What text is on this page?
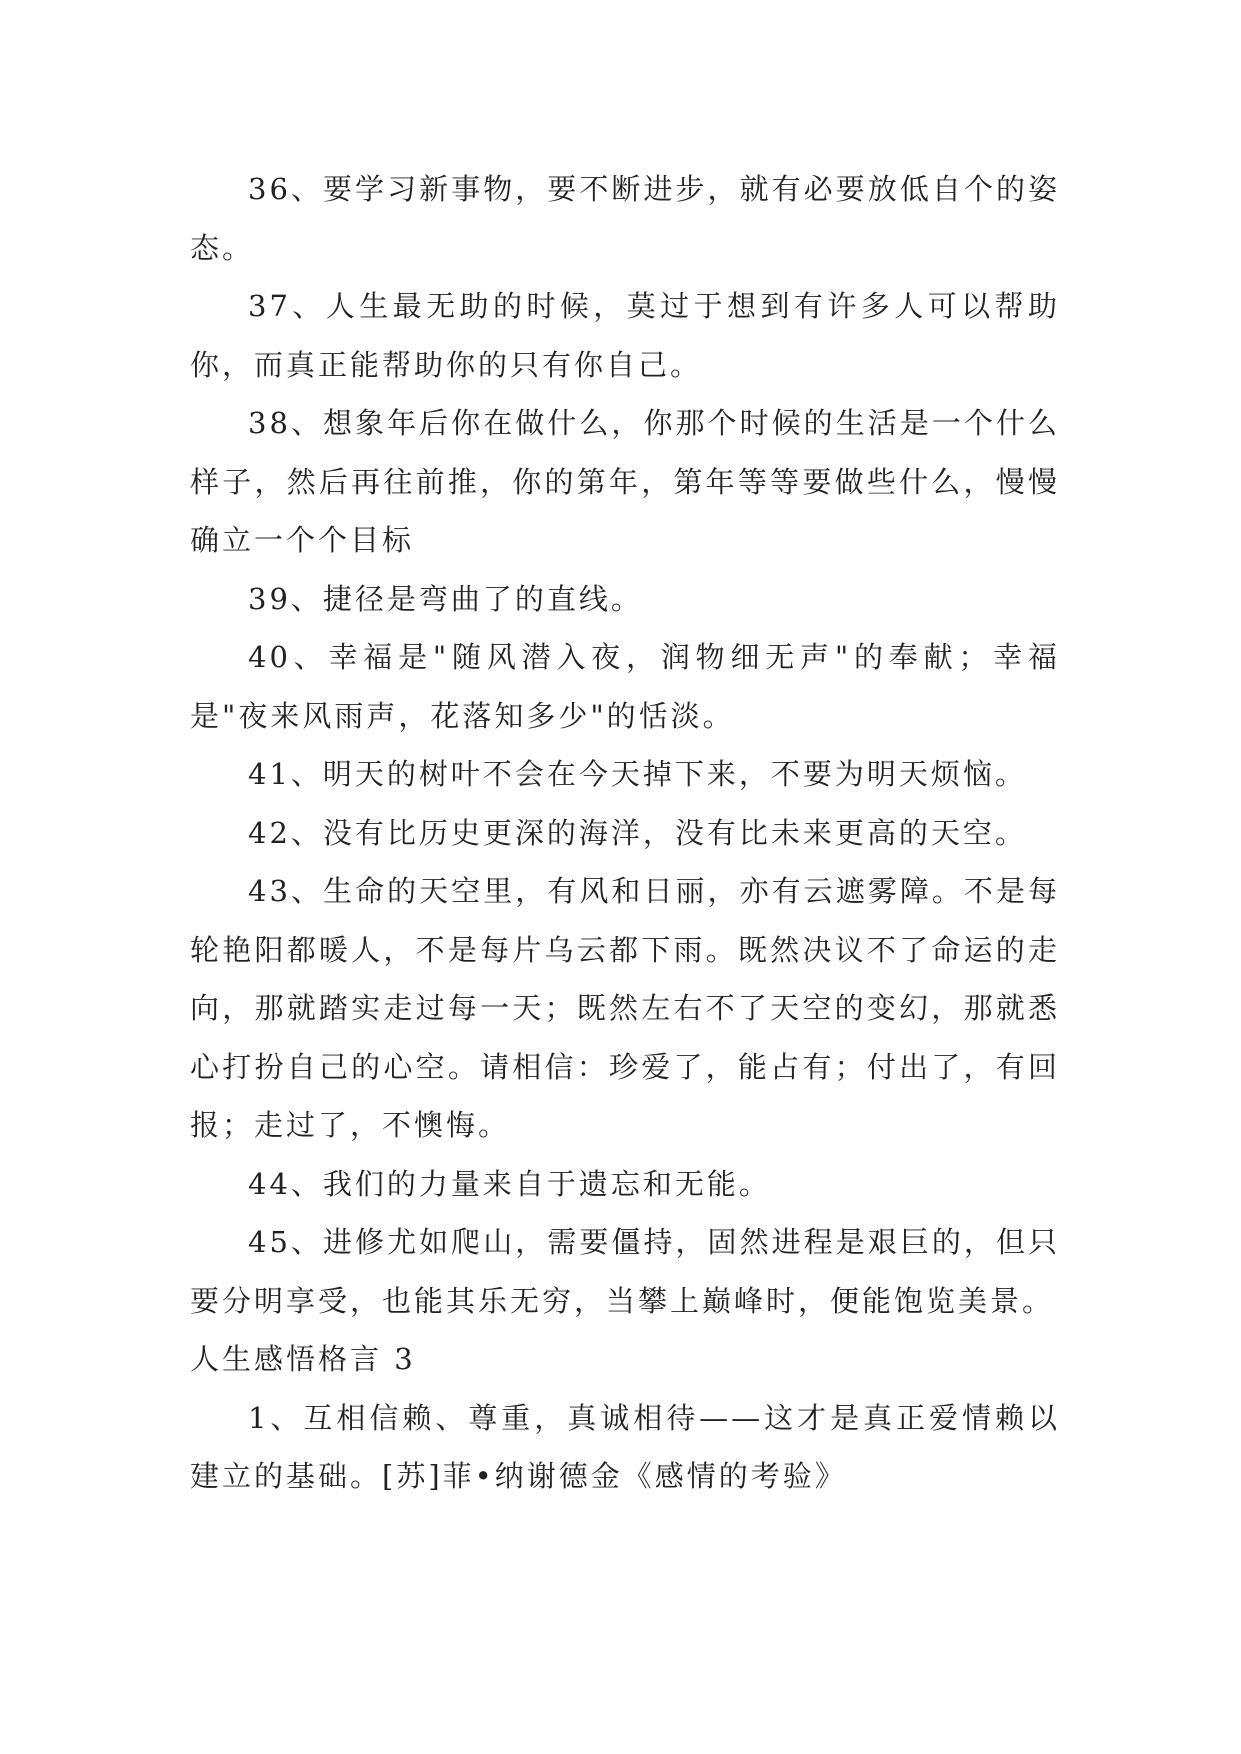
36、要学习新事物，要不断进步，就有必要放低自个的姿态。

37、人生最无助的时候，莫过于想到有许多人可以帮助你，而真正能帮助你的只有你自己。

38、想象年后你在做什么，你那个时候的生活是一个什么样子，然后再往前推，你的第年，第年等等要做些什么，慢慢确立一个个目标

39、捷径是弯曲了的直线。

40、幸福是"随风潜入夜，润物细无声"的奉献；幸福是"夜来风雨声，花落知多少"的恬淡。

41、明天的树叶不会在今天掉下来，不要为明天烦恼。

42、没有比历史更深的海洋，没有比未来更高的天空。

43、生命的天空里，有风和日丽，亦有云遮雾障。不是每轮艳阳都暖人，不是每片乌云都下雨。既然决议不了命运的走向，那就踏实走过每一天；既然左右不了天空的变幻，那就悉心打扮自己的心空。请相信：珍爱了，能占有；付出了，有回报；走过了，不懊悔。

44、我们的力量来自于遗忘和无能。

45、进修尤如爬山，需要僵持，固然进程是艰巨的，但只要分明享受，也能其乐无穷，当攀上巅峰时，便能饱览美景。

人生感悟格言 3

1、互相信赖、尊重，真诚相待——这才是真正爱情赖以建立的基础。[苏]菲•纳谢德金《感情的考验》
